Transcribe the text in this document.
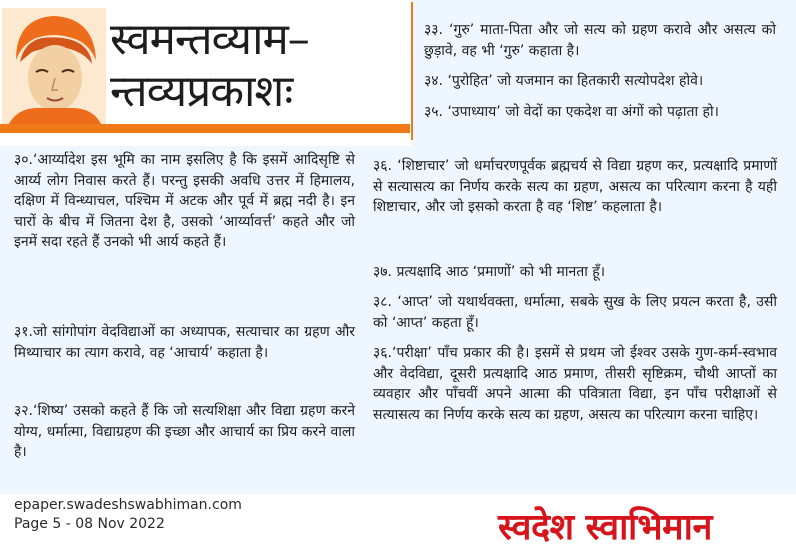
स्वमन्तव्याम–
न्तव्यप्रकाशः

३३. ‘गुरु’ माता-पिता और जो सत्य को ग्रहण करावे और असत्य को छुड़ावे, वह भी ‘गुरु’ कहाता है।

३४. ‘पुरोहित’ जो यजमान का हितकारी सत्योपदेश होवे।

३५. ‘उपाध्याय’ जो वेदों का एकदेश वा अंगों को पढ़ाता हो।

३०.‘आर्य्यादेश इस भूमि का नाम इसलिए है कि इसमें आदिसृष्टि से आर्य्य लोग निवास करते हैं। परन्तु इसकी अवधि उत्तर में हिमालय, दक्षिण में विन्ध्याचल, पश्चिम में अटक और पूर्व में ब्रह्म नदी है। इन चारों के बीच में जितना देश है, उसको ‘आर्य्यावर्त्त’ कहते और जो इनमें सदा रहते हैं उनको भी आर्य कहते हैं।

३१.जो सांगोपांग वेदविद्याओं का अध्यापक, सत्याचार का ग्रहण और मिथ्याचार का त्याग करावे, वह ‘आचार्य’ कहाता है।

३२.‘शिष्य’ उसको कहते हैं कि जो सत्यशिक्षा और विद्या ग्रहण करने योग्य, धर्मात्मा, विद्याग्रहण की इच्छा और आचार्य का प्रिय करने वाला है।

३६. ‘शिष्टाचार’ जो धर्माचरणपूर्वक ब्रह्मचर्य से विद्या ग्रहण कर, प्रत्यक्षादि प्रमाणों से सत्यासत्य का निर्णय करके सत्य का ग्रहण, असत्य का परित्याग करना है यही शिष्टाचार, और जो इसको करता है वह ‘शिष्ट’ कहलाता है।

३७. प्रत्यक्षादि आठ ‘प्रमाणों’ को भी मानता हूँ।

३८. ‘आप्त’ जो यथार्थवक्ता, धर्मात्मा, सबके सुख के लिए प्रयत्न करता है, उसी को ‘आप्त’ कहता हूँ।

३६.‘परीक्षा’ पाँच प्रकार की है। इसमें से प्रथम जो ईश्वर उसके गुण-कर्म-स्वभाव और वेदविद्या, दूसरी प्रत्यक्षादि आठ प्रमाण, तीसरी सृष्टिक्रम, चौथी आप्तों का व्यवहार और पाँचवीं अपने आत्मा की पवित्राता विद्या, इन पाँच परीक्षाओं से सत्यासत्य का निर्णय करके सत्य का ग्रहण, असत्य का परित्याग करना चाहिए।

epaper.swadeshswabhiman.com
Page 5 - 08 Nov 2022	स्वदेश स्वाभिमान
